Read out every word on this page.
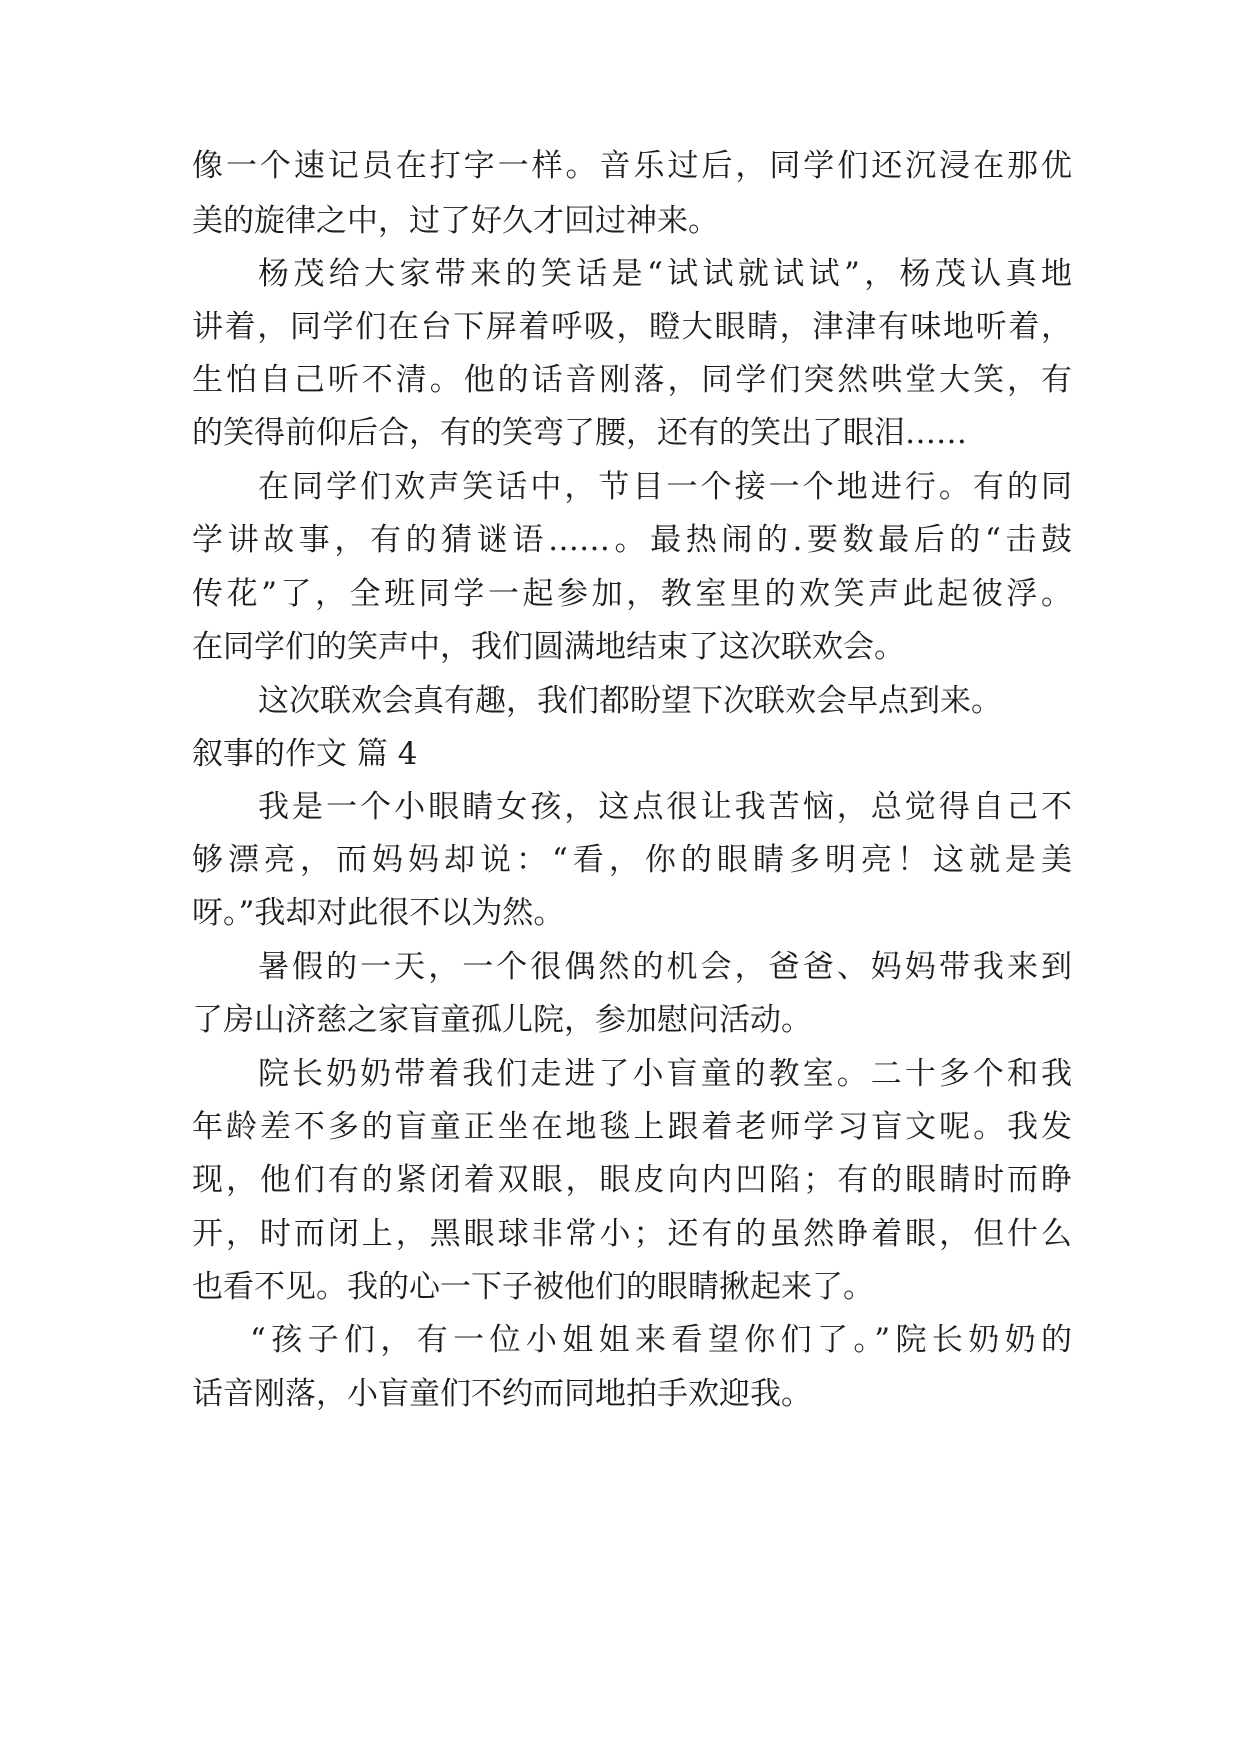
像一个速记员在打字一样。音乐过后，同学们还沉浸在那优

美的旋律之中，过了好久才回过神来。

杨茂给大家带来的笑话是“试试就试试”，杨茂认真地

讲着，同学们在台下屏着呼吸，瞪大眼睛，津津有味地听着，

生怕自己听不清。他的话音刚落，同学们突然哄堂大笑，有

的笑得前仰后合，有的笑弯了腰，还有的笑出了眼泪……

在同学们欢声笑话中，节目一个接一个地进行。有的同

学讲故事，有的猜谜语……。最热闹的.要数最后的“击鼓

传花”了，全班同学一起参加，教室里的欢笑声此起彼浮。

在同学们的笑声中，我们圆满地结束了这次联欢会。

这次联欢会真有趣，我们都盼望下次联欢会早点到来。

叙事的作文 篇 4

我是一个小眼睛女孩，这点很让我苦恼，总觉得自己不

够漂亮，而妈妈却说：“看，你的眼睛多明亮！这就是美

呀。”我却对此很不以为然。

暑假的一天，一个很偶然的机会，爸爸、妈妈带我来到

了房山济慈之家盲童孤儿院，参加慰问活动。

院长奶奶带着我们走进了小盲童的教室。二十多个和我

年龄差不多的盲童正坐在地毯上跟着老师学习盲文呢。我发

现，他们有的紧闭着双眼，眼皮向内凹陷；有的眼睛时而睁

开，时而闭上，黑眼球非常小；还有的虽然睁着眼，但什么

也看不见。我的心一下子被他们的眼睛揪起来了。

“孩子们，有一位小姐姐来看望你们了。”院长奶奶的

话音刚落，小盲童们不约而同地拍手欢迎我。
